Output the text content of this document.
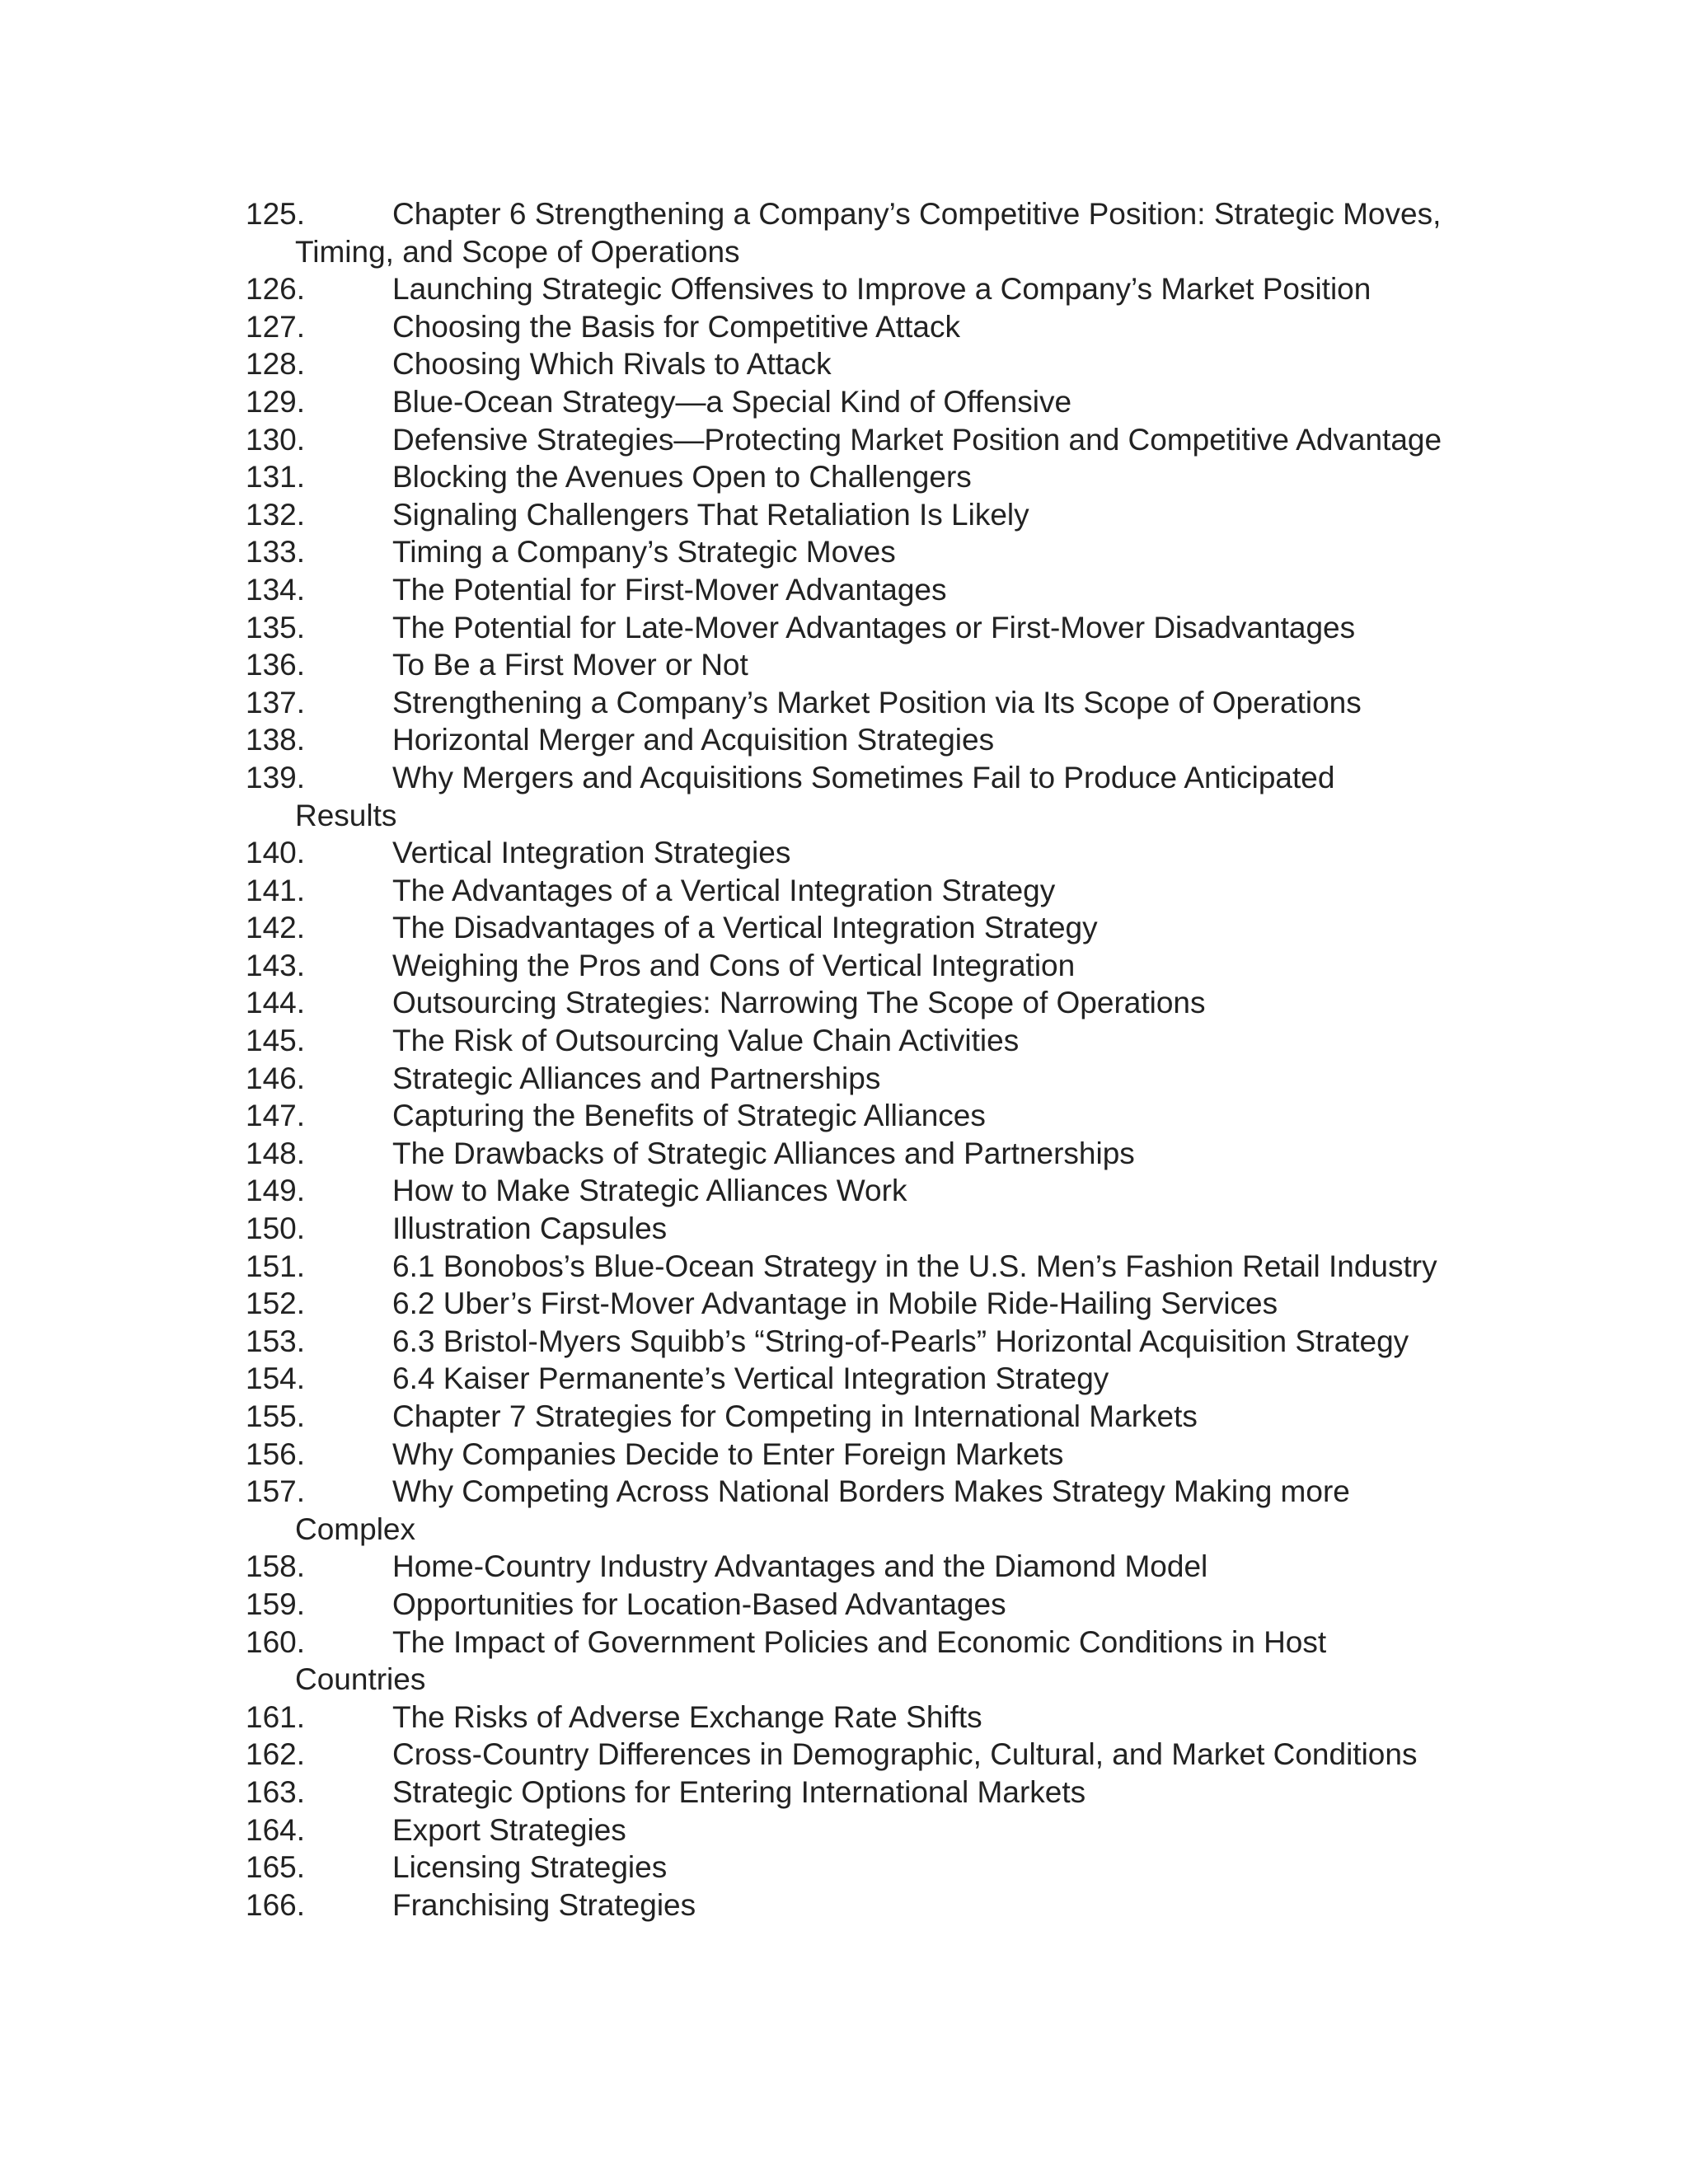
125.	Chapter 6 Strengthening a Company’s Competitive Position: Strategic Moves,
Timing, and Scope of Operations
126.	Launching Strategic Offensives to Improve a Company’s Market Position
127.	Choosing the Basis for Competitive Attack
128.	Choosing Which Rivals to Attack
129.	Blue-Ocean Strategy—a Special Kind of Offensive
130.	Defensive Strategies—Protecting Market Position and Competitive Advantage
131.	Blocking the Avenues Open to Challengers
132.	Signaling Challengers That Retaliation Is Likely
133.	Timing a Company’s Strategic Moves
134.	The Potential for First-Mover Advantages
135.	The Potential for Late-Mover Advantages or First-Mover Disadvantages
136.	To Be a First Mover or Not
137.	Strengthening a Company’s Market Position via Its Scope of Operations
138.	Horizontal Merger and Acquisition Strategies
139.	Why Mergers and Acquisitions Sometimes Fail to Produce Anticipated
Results
140.	Vertical Integration Strategies
141.	The Advantages of a Vertical Integration Strategy
142.	The Disadvantages of a Vertical Integration Strategy
143.	Weighing the Pros and Cons of Vertical Integration
144.	Outsourcing Strategies: Narrowing The Scope of Operations
145.	The Risk of Outsourcing Value Chain Activities
146.	Strategic Alliances and Partnerships
147.	Capturing the Benefits of Strategic Alliances
148.	The Drawbacks of Strategic Alliances and Partnerships
149.	How to Make Strategic Alliances Work
150.	Illustration Capsules
151.	6.1 Bonobos’s Blue-Ocean Strategy in the U.S. Men’s Fashion Retail Industry
152.	6.2 Uber’s First-Mover Advantage in Mobile Ride-Hailing Services
153.	6.3 Bristol-Myers Squibb’s “String-of-Pearls” Horizontal Acquisition Strategy
154.	6.4 Kaiser Permanente’s Vertical Integration Strategy
155.	Chapter 7 Strategies for Competing in International Markets
156.	Why Companies Decide to Enter Foreign Markets
157.	Why Competing Across National Borders Makes Strategy Making more
Complex
158.	Home-Country Industry Advantages and the Diamond Model
159.	Opportunities for Location-Based Advantages
160.	The Impact of Government Policies and Economic Conditions in Host
Countries
161.	The Risks of Adverse Exchange Rate Shifts
162.	Cross-Country Differences in Demographic, Cultural, and Market Conditions
163.	Strategic Options for Entering International Markets
164.	Export Strategies
165.	Licensing Strategies
166.	Franchising Strategies
